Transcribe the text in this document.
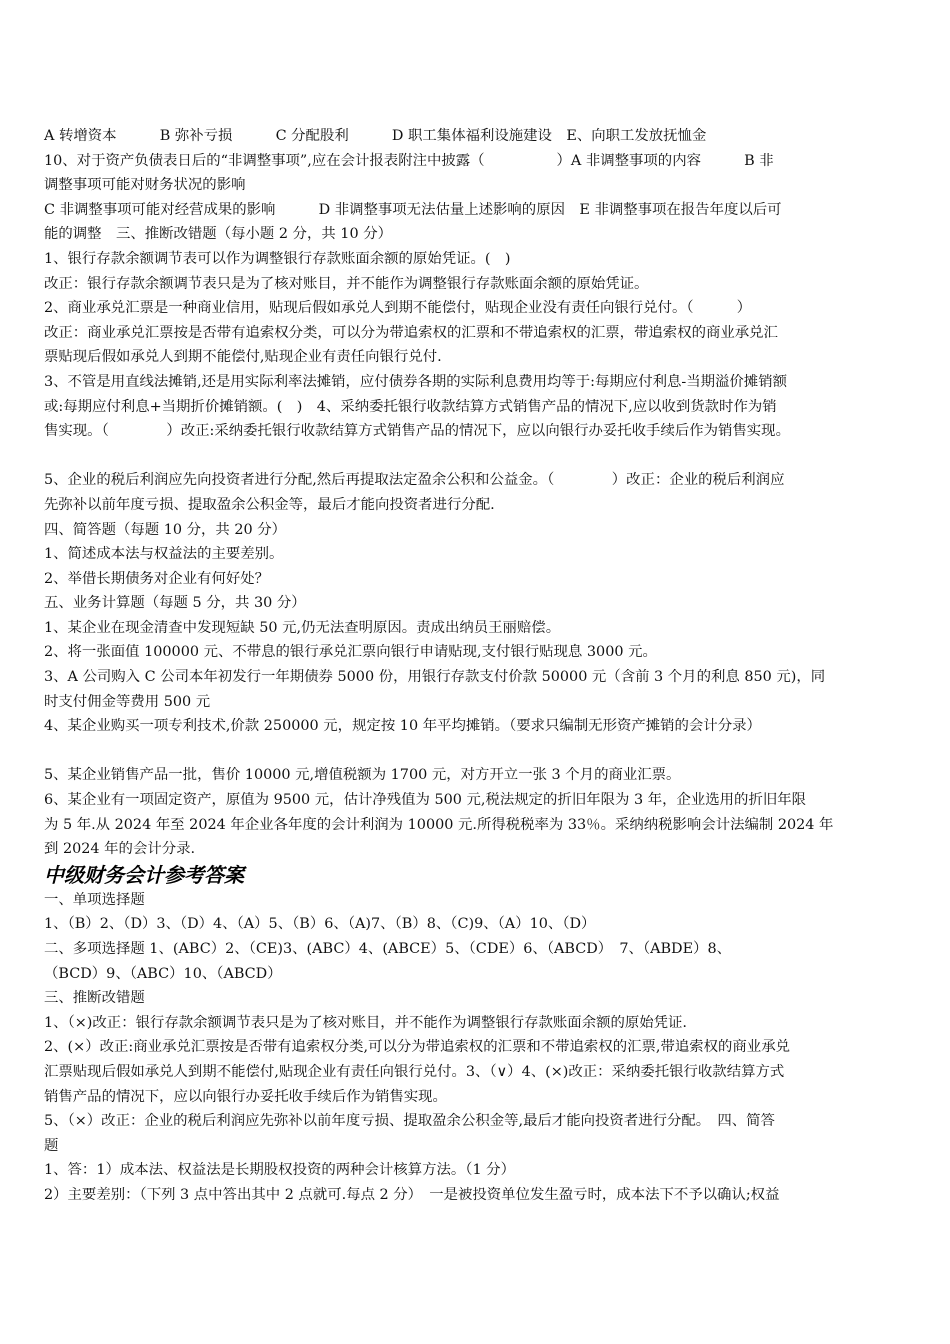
A 转增资本　　　B 弥补亏损　　　C 分配股利　　　D 职工集体福利设施建设　E、向职工发放抚恤金
10、对于资产负债表日后的“非调整事项”,应在会计报表附注中披露（　　　　　）A 非调整事项的内容　　　B 非
调整事项可能对财务状况的影响
C 非调整事项可能对经营成果的影响　　　D 非调整事项无法估量上述影响的原因　E 非调整事项在报告年度以后可
能的调整　三、推断改错题（每小题 2 分，共 10 分）
1、银行存款余额调节表可以作为调整银行存款账面余额的原始凭证。(　)
改正：银行存款余额调节表只是为了核对账目，并不能作为调整银行存款账面余额的原始凭证。
2、商业承兑汇票是一种商业信用，贴现后假如承兑人到期不能偿付，贴现企业没有责任向银行兑付。（　　　）
改正：商业承兑汇票按是否带有追索权分类，可以分为带追索权的汇票和不带追索权的汇票，带追索权的商业承兑汇
票贴现后假如承兑人到期不能偿付,贴现企业有责任向银行兑付.
3、不管是用直线法摊销,还是用实际利率法摊销，应付债券各期的实际利息费用均等于:每期应付利息-当期溢价摊销额
或:每期应付利息+当期折价摊销额。(　)　4、采纳委托银行收款结算方式销售产品的情况下,应以收到货款时作为销
售实现。（　　　　）改正:采纳委托银行收款结算方式销售产品的情况下，应以向银行办妥托收手续后作为销售实现。
5、企业的税后利润应先向投资者进行分配,然后再提取法定盈余公积和公益金。（　　　　）改正：企业的税后利润应
先弥补以前年度亏损、提取盈余公积金等，最后才能向投资者进行分配.
四、简答题（每题 10 分，共 20 分）
1、简述成本法与权益法的主要差别。
2、举借长期债务对企业有何好处？
五、业务计算题（每题 5 分，共 30 分）
1、某企业在现金清查中发现短缺 50 元,仍无法查明原因。责成出纳员王丽赔偿。
2、将一张面值 100000 元、不带息的银行承兑汇票向银行申请贴现,支付银行贴现息 3000 元。
3、A 公司购入 C 公司本年初发行一年期债券 5000 份，用银行存款支付价款 50000 元（含前 3 个月的利息 850 元)，同
时支付佣金等费用 500 元
4、某企业购买一项专利技术,价款 250000 元，规定按 10 年平均摊销。（要求只编制无形资产摊销的会计分录）
5、某企业销售产品一批，售价 10000 元,增值税额为 1700 元，对方开立一张 3 个月的商业汇票。
6、某企业有一项固定资产，原值为 9500 元，估计净残值为 500 元,税法规定的折旧年限为 3 年，企业选用的折旧年限
为 5 年.从 2024 年至 2024 年企业各年度的会计利润为 10000 元.所得税税率为 33％。采纳纳税影响会计法编制 2024 年
到 2024 年的会计分录.
中级财务会计参考答案
一、单项选择题
1、（B）2、（D）3、（D）4、（A）5、（B）6、（A)7、（B）8、（C)9、（A）10、（D）
二、多项选择题 1、(ABC）2、（CE)3、(ABC）4、(ABCE）5、（CDE）6、（ABCD）　7、（ABDE）8、
（BCD）9、（ABC）10、（ABCD）
三、推断改错题
1、（×)改正：银行存款余额调节表只是为了核对账目，并不能作为调整银行存款账面余额的原始凭证.
2、(×）改正:商业承兑汇票按是否带有追索权分类,可以分为带追索权的汇票和不带追索权的汇票,带追索权的商业承兑
汇票贴现后假如承兑人到期不能偿付,贴现企业有责任向银行兑付。3、（∨）4、(×)改正：采纳委托银行收款结算方式
销售产品的情况下，应以向银行办妥托收手续后作为销售实现。
5、（×）改正：企业的税后利润应先弥补以前年度亏损、提取盈余公积金等,最后才能向投资者进行分配。　四、简答
题
1、答：1）成本法、权益法是长期股权投资的两种会计核算方法。（1 分）
2）主要差别：（下列 3 点中答出其中 2 点就可.每点 2 分）　一是被投资单位发生盈亏时，成本法下不予以确认;权益
